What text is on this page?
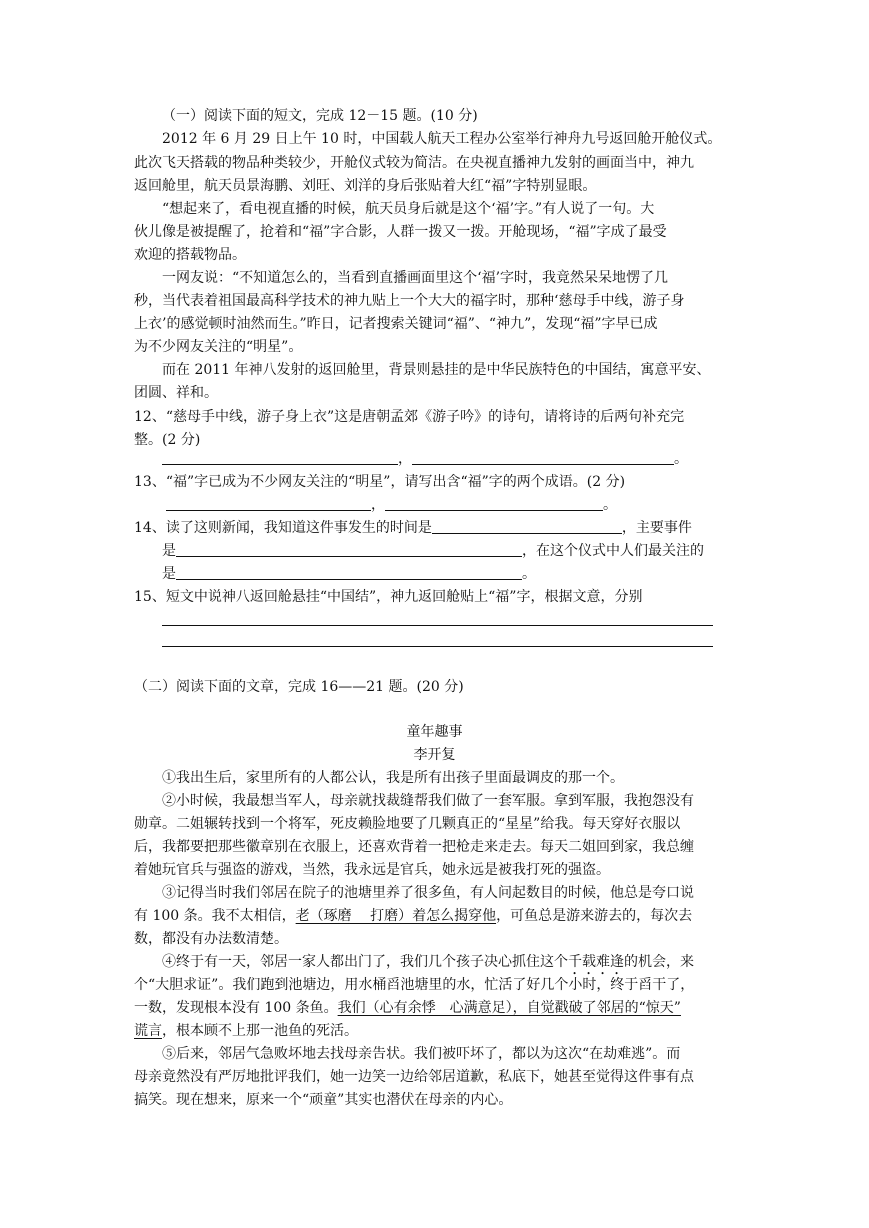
（一）阅读下面的短文，完成 12－15 题。(10 分)
2012 年 6 月 29 日上午 10 时，中国载人航天工程办公室举行神舟九号返回舱开舱仪式。
此次飞天搭载的物品种类较少，开舱仪式较为简洁。在央视直播神九发射的画面当中，神九
返回舱里，航天员景海鹏、刘旺、刘洋的身后张贴着大红“福”字特别显眼。
“想起来了，看电视直播的时候，航天员身后就是这个‘福’字。”有人说了一句。大
伙儿像是被提醒了，抢着和“福”字合影，人群一拨又一拨。开舱现场，“福”字成了最受
欢迎的搭载物品。
一网友说：“不知道怎么的，当看到直播画面里这个‘福’字时，我竟然呆呆地愣了几
秒，当代表着祖国最高科学技术的神九贴上一个大大的福字时，那种‘慈母手中线，游子身
上衣’的感觉顿时油然而生。”昨日，记者搜索关键词“福”、“神九”，发现“福”字早已成
为不少网友关注的“明星”。
而在 2011 年神八发射的返回舱里，背景则悬挂的是中华民族特色的中国结，寓意平安、
团圆、祥和。
12、“慈母手中线，游子身上衣”这是唐朝孟郊《游子吟》的诗句，请将诗的后两句补充完
整。(2 分)
，	。
13、“福”字已成为不少网友关注的“明星”，请写出含“福”字的两个成语。(2 分)
，	。
14、读了这则新闻，我知道这件事发生的时间是	，主要事件
是	，在这个仪式中人们最关注的
是	。
15、短文中说神八返回舱悬挂“中国结”，神九返回舱贴上“福”字，根据文意，分别
（二）阅读下面的文章，完成 16——21 题。(20 分)
童年趣事
李开复
①我出生后，家里所有的人都公认，我是所有出孩子里面最调皮的那一个。
②小时候，我最想当军人，母亲就找裁缝帮我们做了一套军服。拿到军服，我抱怨没有
勋章。二姐辗转找到一个将军，死皮赖脸地要了几颗真正的“星星”给我。每天穿好衣服以
后，我都要把那些徽章别在衣服上，还喜欢背着一把枪走来走去。每天二姐回到家，我总缠
着她玩官兵与强盗的游戏，当然，我永远是官兵，她永远是被我打死的强盗。
③记得当时我们邻居在院子的池塘里养了很多鱼，有人问起数目的时候，他总是夸口说
有 100 条。我不太相信，老（琢磨　 打磨）着怎么揭穿他，可鱼总是游来游去的，每次去
数，都没有办法数清楚。
④终于有一天，邻居一家人都出门了，我们几个孩子决心抓住这个千载难逢的机会，来
个“大胆求证”。我们跑到池塘边，用水桶舀池塘里的水，忙活了好几个小时，终于舀干了，
一数，发现根本没有 100 条鱼。我们（心有余悸　心满意足），自觉戳破了邻居的“惊天”
谎言，根本顾不上那一池鱼的死活。
⑤后来，邻居气急败坏地去找母亲告状。我们被吓坏了，都以为这次“在劫难逃”。而
母亲竟然没有严厉地批评我们，她一边笑一边给邻居道歉，私底下，她甚至觉得这件事有点
搞笑。现在想来，原来一个“顽童”其实也潜伏在母亲的内心。
